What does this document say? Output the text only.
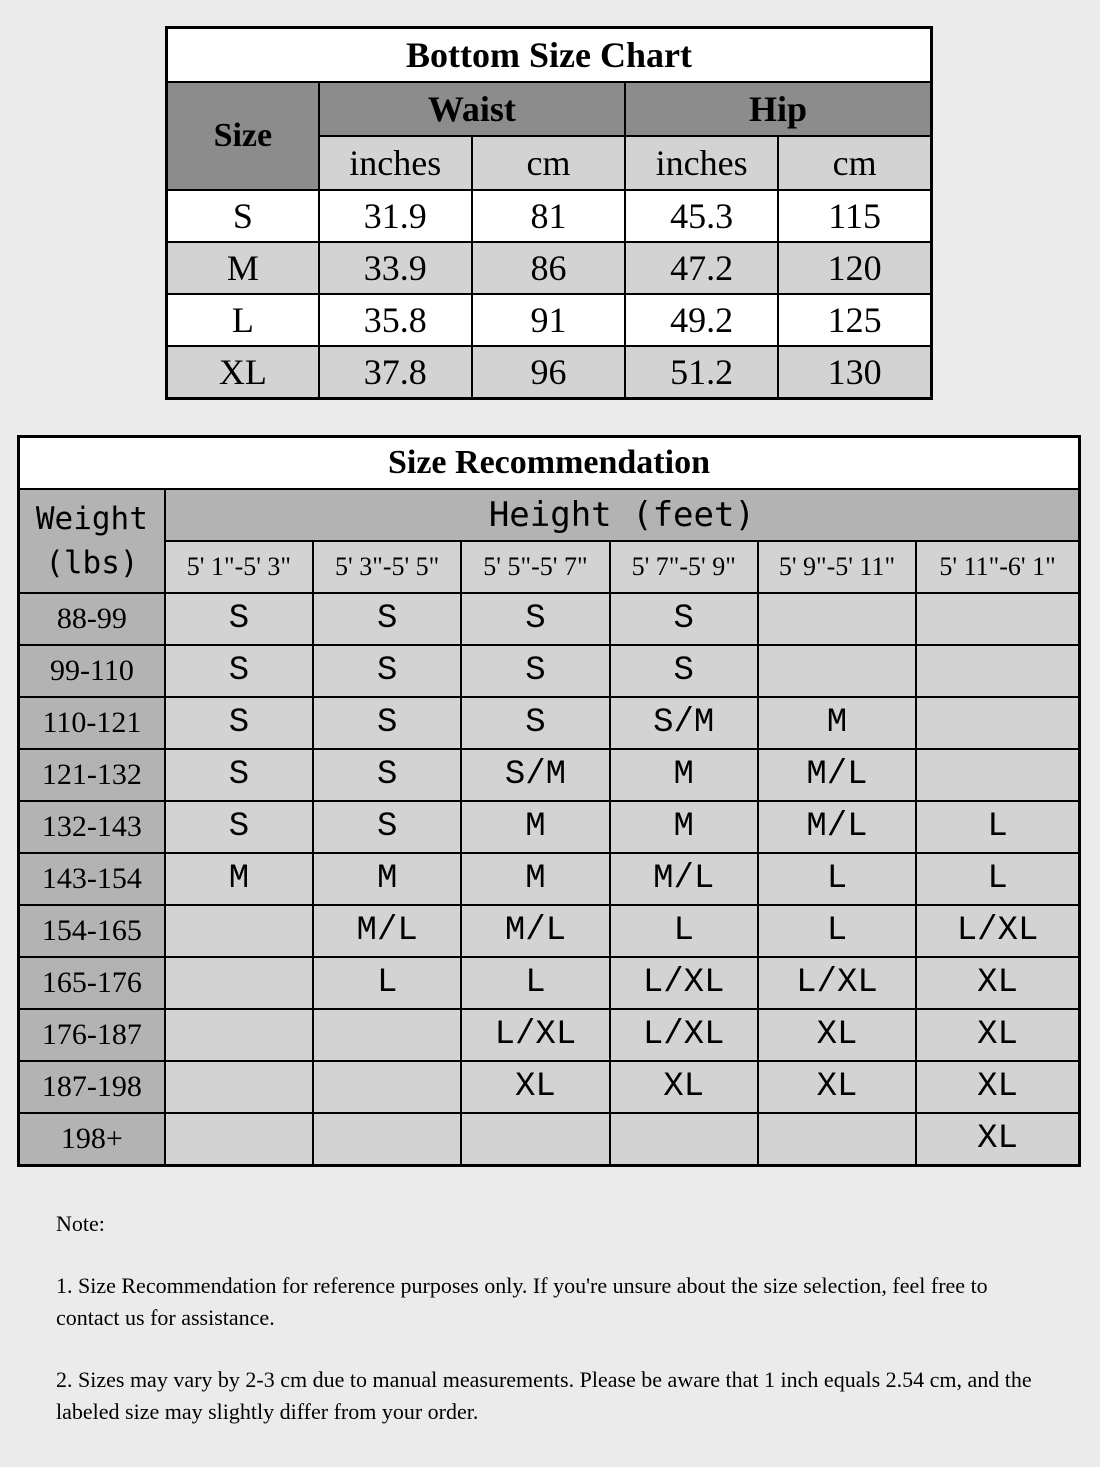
Bottom Size Chart				
Size	Waist		Hip	
	inches	cm	inches	cm
S	31.9	81	45.3	115
M	33.9	86	47.2	120
L	35.8	91	49.2	125
XL	37.8	96	51.2	130
Size Recommendation						

Weight
(lbs)	Height (feet)					
	5' 1"-5' 3"	5' 3"-5' 5"	5' 5"-5' 7"	5' 7"-5' 9"	5' 9"-5' 11"	5' 11"-6' 1"
88-99	S	S	S	S		
99-110	S	S	S	S		
110-121	S	S	S	S/M	M	
121-132	S	S	S/M	M	M/L	
132-143	S	S	M	M	M/L	L
143-154	M	M	M	M/L	L	L
154-165		M/L	M/L	L	L	L/XL
165-176		L	L	L/XL	L/XL	XL
176-187			L/XL	L/XL	XL	XL
187-198			XL	XL	XL	XL
198+						XL

Note:

1. Size Recommendation for reference purposes only. If you're unsure about the size selection, feel free to contact us for assistance.

2. Sizes may vary by 2-3 cm due to manual measurements. Please be aware that 1 inch equals 2.54 cm, and the labeled size may slightly differ from your order.
